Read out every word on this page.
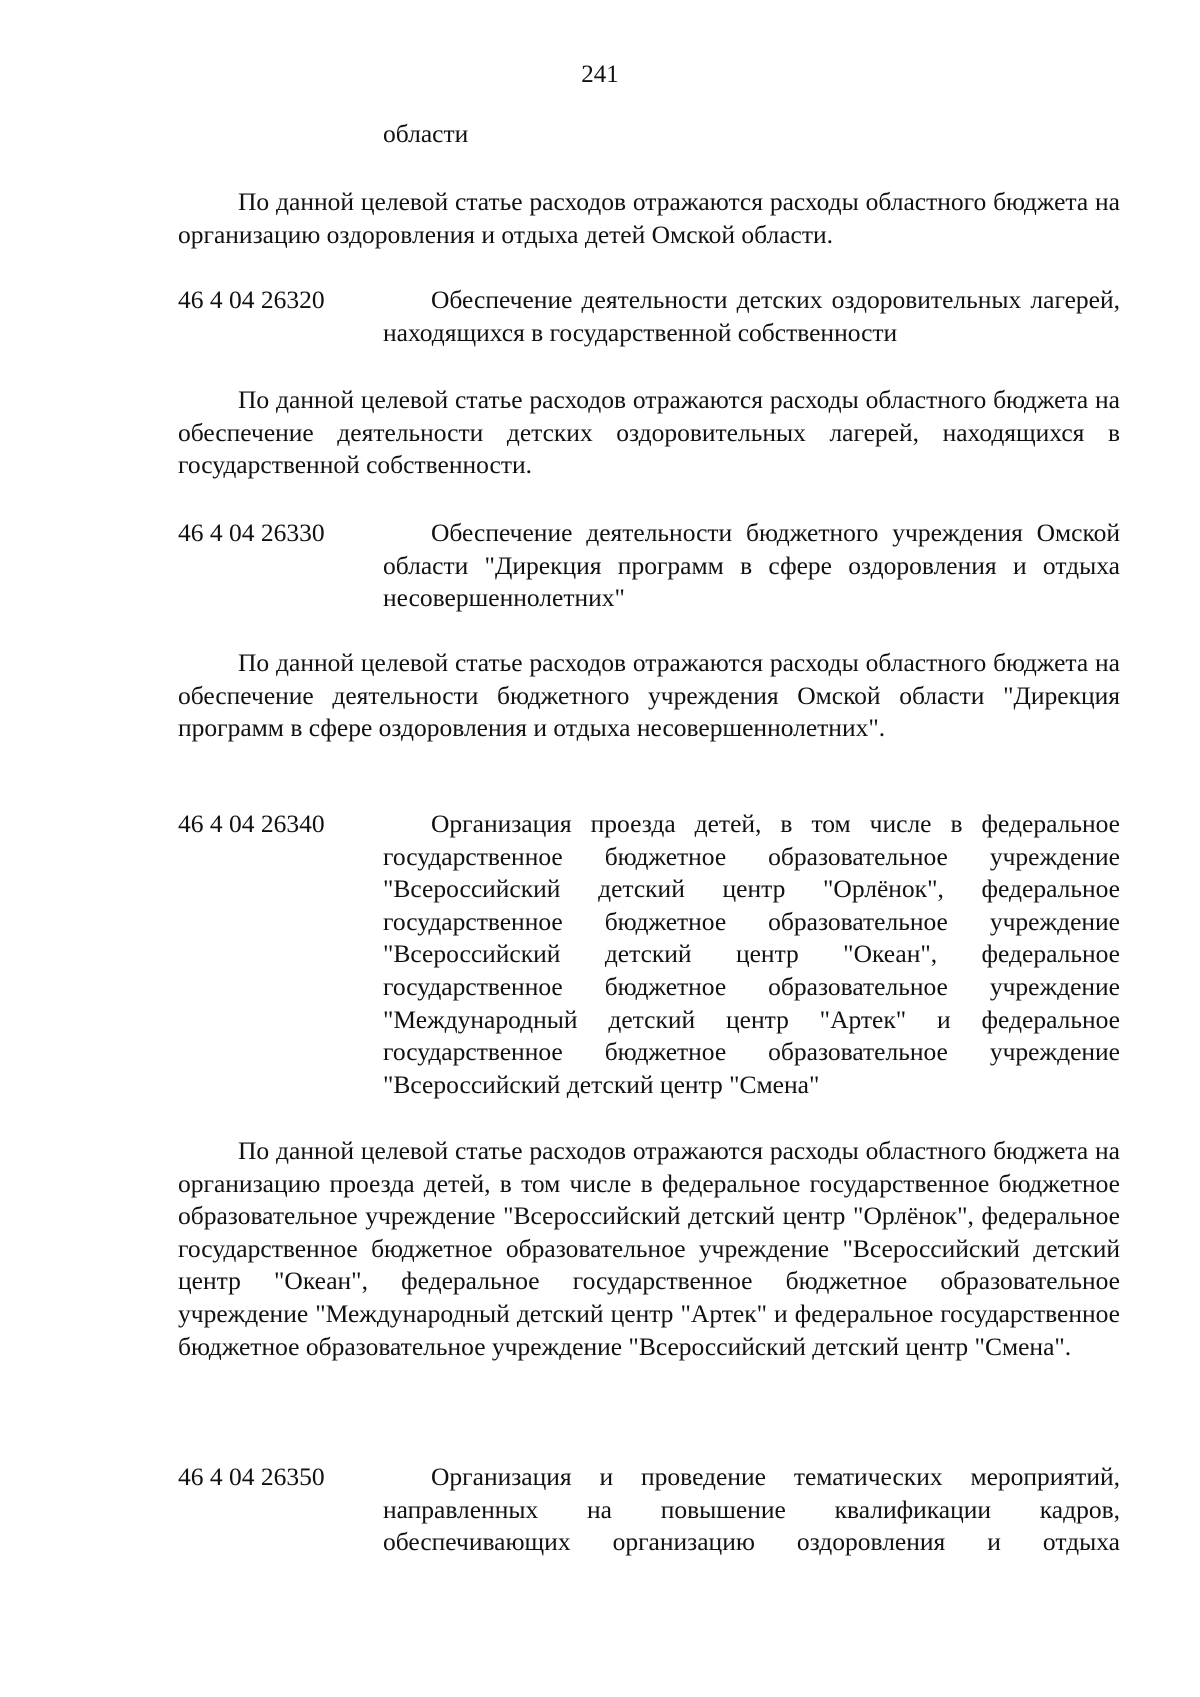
241
области
По данной целевой статье расходов отражаются расходы областного бюджета на организацию оздоровления и отдыха детей Омской области.
46 4 04 26320	Обеспечение деятельности детских оздоровительных лагерей, находящихся в государственной собственности
По данной целевой статье расходов отражаются расходы областного бюджета на обеспечение деятельности детских оздоровительных лагерей, находящихся в государственной собственности.
46 4 04 26330	Обеспечение деятельности бюджетного учреждения Омской области "Дирекция программ в сфере оздоровления и отдыха несовершеннолетних"
По данной целевой статье расходов отражаются расходы областного бюджета на обеспечение деятельности бюджетного учреждения Омской области "Дирекция программ в сфере оздоровления и отдыха несовершеннолетних".
46 4 04 26340	Организация проезда детей, в том числе в федеральное государственное бюджетное образовательное учреждение "Всероссийский детский центр "Орлёнок", федеральное государственное бюджетное образовательное учреждение "Всероссийский детский центр "Океан", федеральное государственное бюджетное образовательное учреждение "Международный детский центр "Артек" и федеральное государственное бюджетное образовательное учреждение "Всероссийский детский центр "Смена"
По данной целевой статье расходов отражаются расходы областного бюджета на организацию проезда детей, в том числе в федеральное государственное бюджетное образовательное учреждение "Всероссийский детский центр "Орлёнок", федеральное государственное бюджетное образовательное учреждение "Всероссийский детский центр "Океан", федеральное государственное бюджетное образовательное учреждение "Международный детский центр "Артек" и федеральное государственное бюджетное образовательное учреждение "Всероссийский детский центр "Смена".
46 4 04 26350	Организация и проведение тематических мероприятий, направленных на повышение квалификации кадров, обеспечивающих организацию оздоровления и отдыха
